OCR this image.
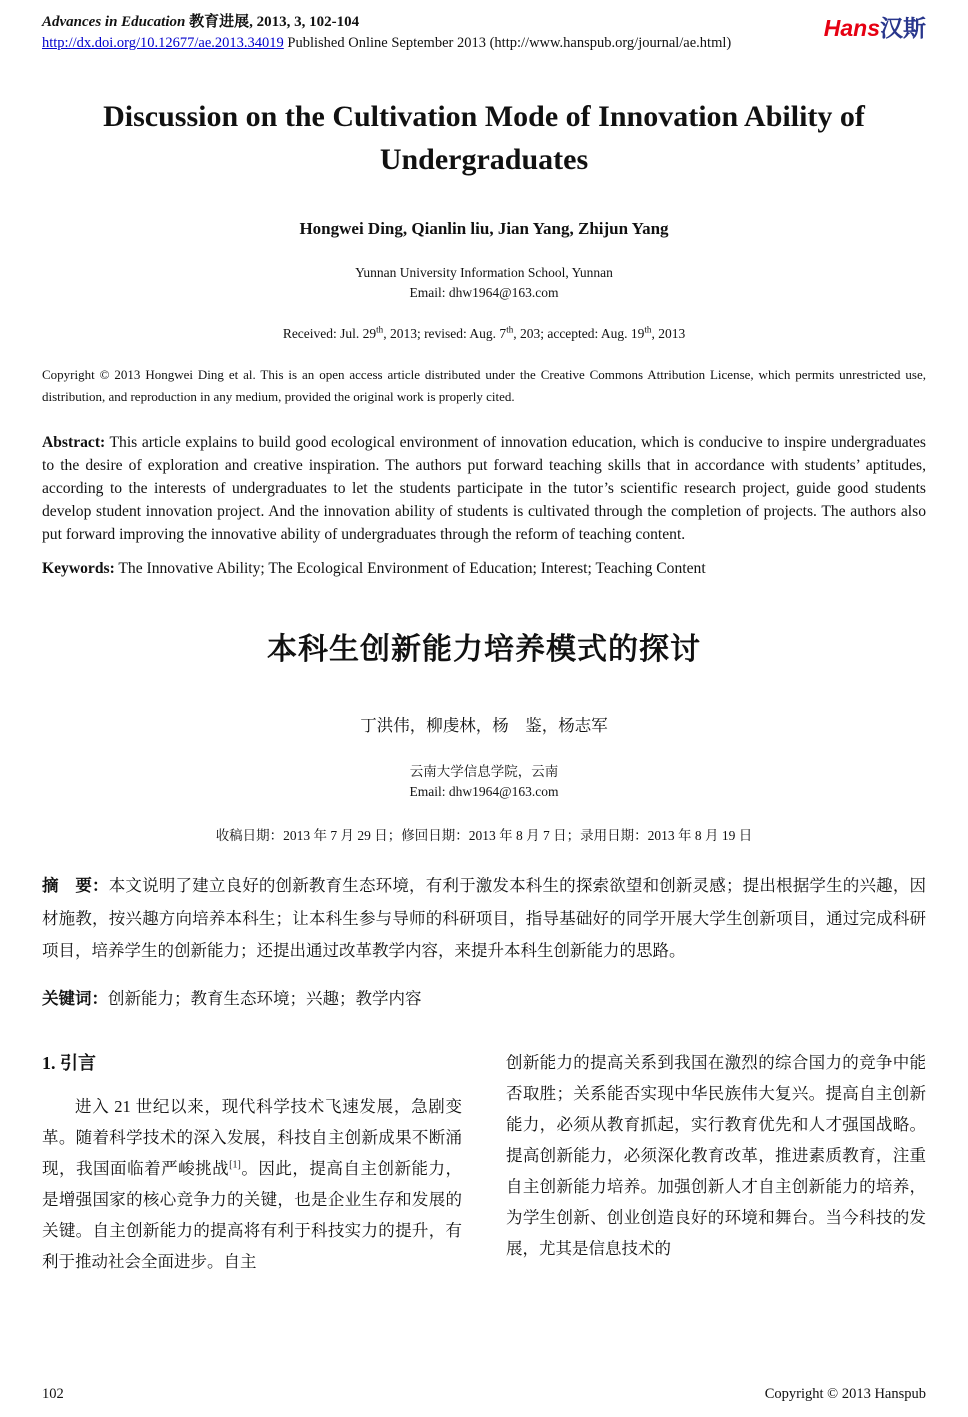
Advances in Education 教育进展, 2013, 3, 102-104
http://dx.doi.org/10.12677/ae.2013.34019 Published Online September 2013 (http://www.hanspub.org/journal/ae.html)
Hans汉斯
Discussion on the Cultivation Mode of Innovation Ability of Undergraduates
Hongwei Ding, Qianlin liu, Jian Yang, Zhijun Yang
Yunnan University Information School, Yunnan
Email: dhw1964@163.com
Received: Jul. 29th, 2013; revised: Aug. 7th, 203; accepted: Aug. 19th, 2013
Copyright © 2013 Hongwei Ding et al. This is an open access article distributed under the Creative Commons Attribution License, which permits unrestricted use, distribution, and reproduction in any medium, provided the original work is properly cited.
Abstract: This article explains to build good ecological environment of innovation education, which is conducive to inspire undergraduates to the desire of exploration and creative inspiration. The authors put forward teaching skills that in accordance with students’ aptitudes, according to the interests of undergraduates to let the students participate in the tutor’s scientific research project, guide good students develop student innovation project. And the innovation ability of students is cultivated through the completion of projects. The authors also put forward improving the innovative ability of undergraduates through the reform of teaching content.
Keywords: The Innovative Ability; The Ecological Environment of Education; Interest; Teaching Content
本科生创新能力培养模式的探讨
丁洪伟，柳虔林，杨　鉴，杨志军
云南大学信息学院，云南
Email: dhw1964@163.com
收稿日期：2013 年 7 月 29 日；修回日期：2013 年 8 月 7 日；录用日期：2013 年 8 月 19 日
摘　要：本文说明了建立良好的创新教育生态环境，有利于激发本科生的探索欲望和创新灵感；提出根据学生的兴趣，因材施教，按兴趣方向培养本科生；让本科生参与导师的科研项目，指导基础好的同学开展大学生创新项目，通过完成科研项目，培养学生的创新能力；还提出通过改革教学内容，来提升本科生创新能力的思路。
关键词：创新能力；教育生态环境；兴趣；教学内容
1. 引言

进入 21 世纪以来，现代科学技术飞速发展，急剧变革。随着科学技术的深入发展，科技自主创新成果不断涌现，我国面临着严峻挑战[1]。因此，提高自主创新能力，是增强国家的核心竞争力的关键，也是企业生存和发展的关键。自主创新能力的提高将有利于科技实力的提升，有利于推动社会全面进步。自主

创新能力的提高关系到我国在激烈的综合国力的竞争中能否取胜；关系能否实现中华民族伟大复兴。提高自主创新能力，必须从教育抓起，实行教育优先和人才强国战略。提高创新能力，必须深化教育改革，推进素质教育，注重自主创新能力培养。加强创新人才自主创新能力的培养，为学生创新、创业创造良好的环境和舞台。当今科技的发展，尤其是信息技术的

102	Copyright © 2013 Hanspub
